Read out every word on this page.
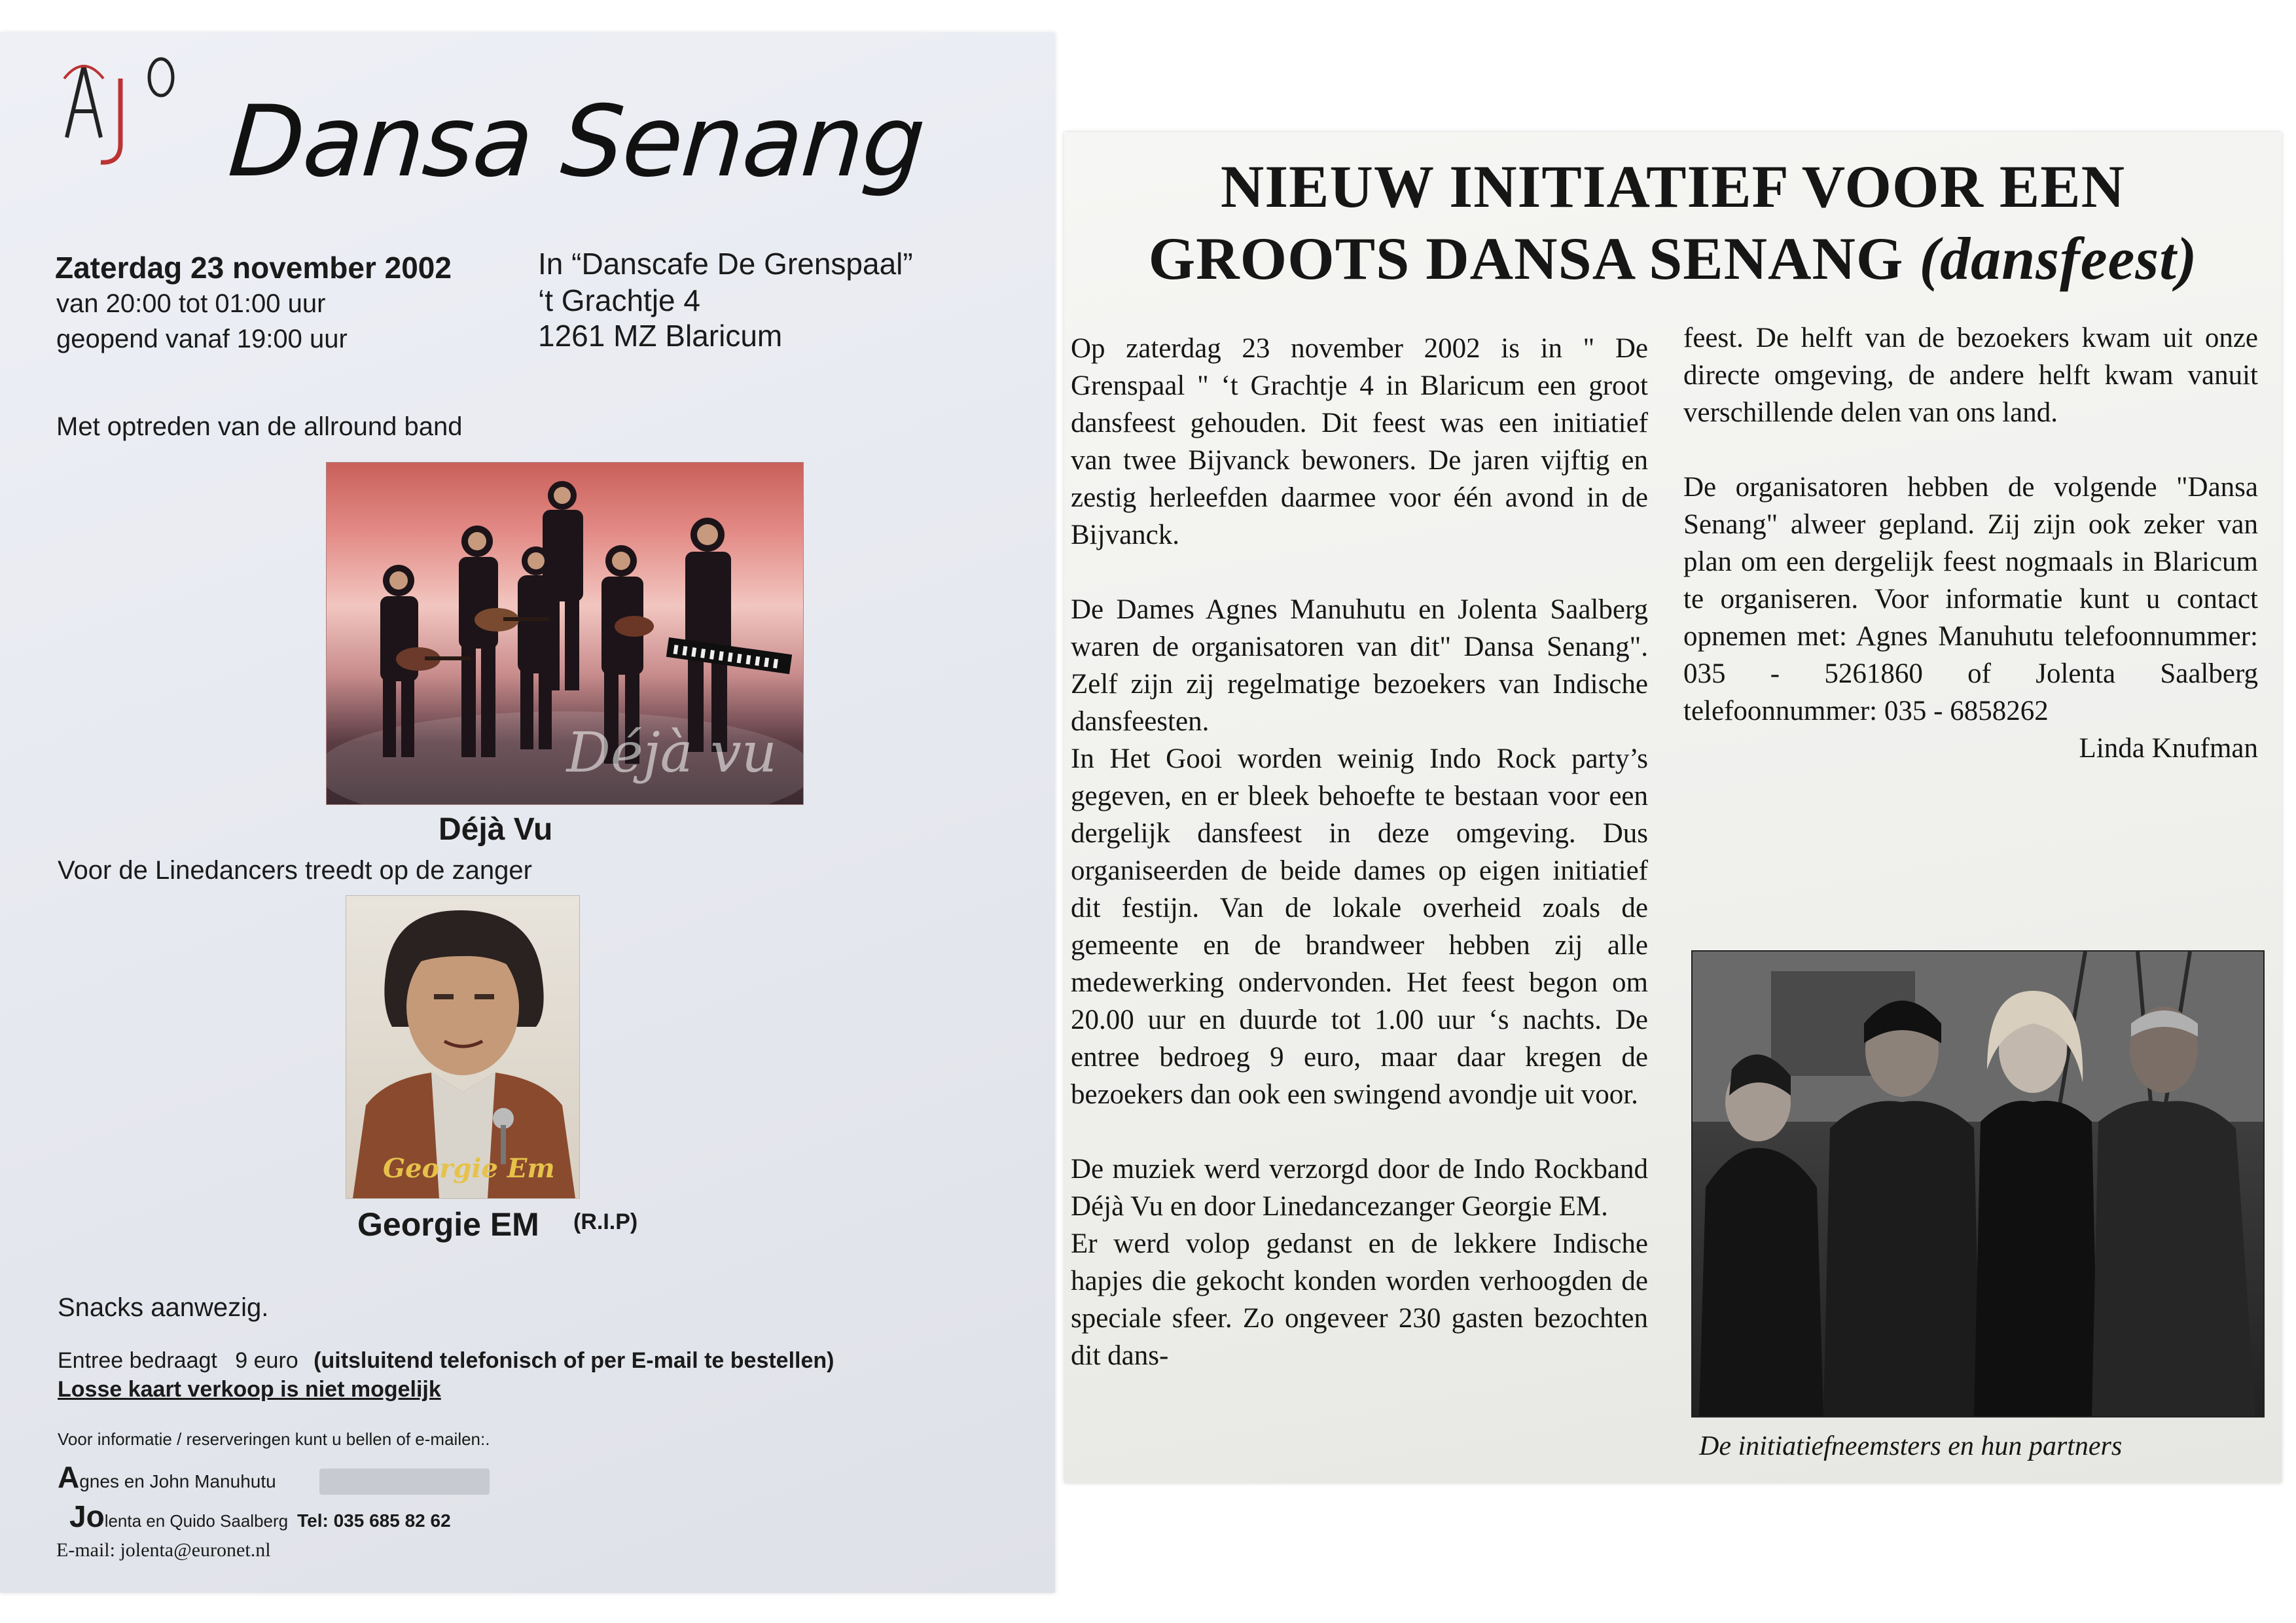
Dansa Senang
Zaterdag 23 november 2002
van 20:00 tot 01:00 uur
geopend vanaf 19:00 uur
In “Danscafe De Grenspaal”
‘t Grachtje 4
1261 MZ Blaricum
Met optreden van de allround band
Déjà vu
Déjà Vu
Voor de Linedancers treedt op de zanger
Georgie Em
Georgie EM (R.I.P)
Snacks aanwezig.
Entree bedraagt 9 euro (uitsluitend telefonisch of per E-mail te bestellen)
Losse kaart verkoop is niet mogelijk
Voor informatie / reserveringen kunt u bellen of e-mailen:.
Agnes en John Manuhutu
Jolenta en Quido Saalberg Tel: 035 685 82 62
E-mail: jolenta@euronet.nl
NIEUW INITIATIEF VOOR EEN
GROOTS DANSA SENANG (dansfeest)

Op zaterdag 23 november 2002 is in " De Grenspaal " ‘t Grachtje 4 in Blaricum een groot dansfeest gehouden. Dit feest was een initiatief van twee Bijvanck bewoners. De jaren vijftig en zestig herleefden daarmee voor één avond in de Bijvanck.

De Dames Agnes Manuhutu en Jolenta Saalberg waren de organisatoren van dit" Dansa Senang". Zelf zijn zij regelmatige bezoekers van Indische dansfeesten.

In Het Gooi worden weinig Indo Rock party’s gegeven, en er bleek behoefte te bestaan voor een dergelijk dansfeest in deze omgeving. Dus organiseerden de beide dames op eigen initiatief dit festijn. Van de lokale overheid zoals de gemeente en de brandweer hebben zij alle medewerking ondervonden. Het feest begon om 20.00 uur en duurde tot 1.00 uur ‘s nachts. De entree bedroeg 9 euro, maar daar kregen de bezoekers dan ook een swingend avondje uit voor.

De muziek werd verzorgd door de Indo Rockband Déjà Vu en door Linedancezanger Georgie EM.

Er werd volop gedanst en de lekkere Indische hapjes die gekocht konden worden verhoogden de speciale sfeer. Zo ongeveer 230 gasten bezochten dit dans-

feest. De helft van de bezoekers kwam uit onze directe omgeving, de andere helft kwam vanuit verschillende delen van ons land.

De organisatoren hebben de volgende "Dansa Senang" alweer gepland. Zij zijn ook zeker van plan om een dergelijk feest nogmaals in Blaricum te organiseren. Voor informatie kunt u contact opnemen met: Agnes Manuhutu telefoonnummer: 035 - 5261860 of Jolenta Saalberg telefoonnummer: 035 - 6858262

Linda Knufman

De initiatiefneemsters en hun partners
